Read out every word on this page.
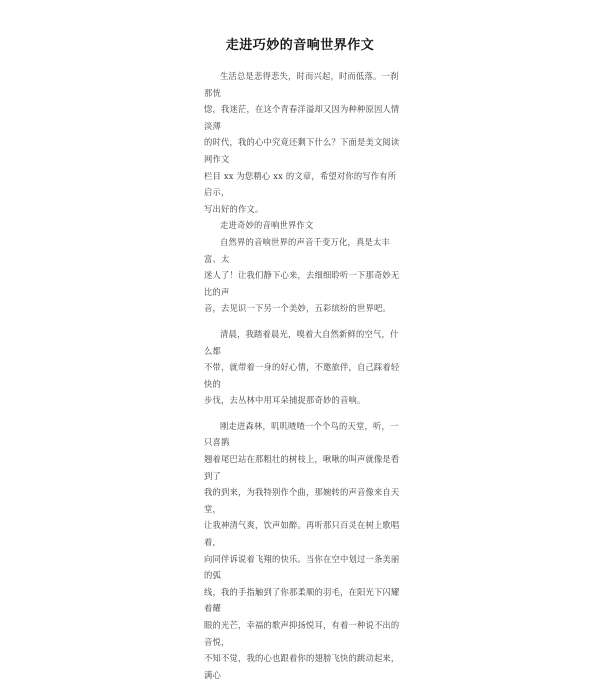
走进巧妙的音响世界作文

生活总是悲得悲失，时而兴起，时而低落。一刹那恍
惚，我迷茫，在这个青春洋溢却又因为种种原因人情淡薄
的时代，我的心中究竟还剩下什么？下面是美文阅读网作文
栏目 xx 为您精心 xx 的文章，希望对你的写作有所启示，
写出好的作文。

走进奇妙的音响世界作文

自然界的音响世界的声音千变万化，真是太丰富、太
迷人了！让我们静下心来，去细细聆听一下那奇妙无比的声
音，去见识一下另一个美妙，五彩缤纷的世界吧。

清晨，我踏着晨光，嗅着大自然新鲜的空气，什么都
不带，就带着一身的好心情，不邀旅伴，自己踩着轻快的
步伐，去丛林中用耳朵捕捉那奇妙的音响。

刚走进森林，叽叽喳喳一个个鸟的天堂，听，一只喜鹊
翘着尾巴站在那粗壮的树枝上，啾啾的叫声就像是看到了
我的到来，为我特别作个曲，那婉转的声音像来自天堂，
让我神清气爽，饮声如醉。再听那只百灵在树上歌唱着，
向同伴诉说着飞翔的快乐。当你在空中划过一条美丽的弧
线，我的手指触到了你那柔顺的羽毛，在阳光下闪耀着耀
眼的光芒，幸福的歌声抑扬悦耳，有着一种说不出的音悦，
不知不觉，我的心也跟着你的翅膀飞快的跳动起来，满心
